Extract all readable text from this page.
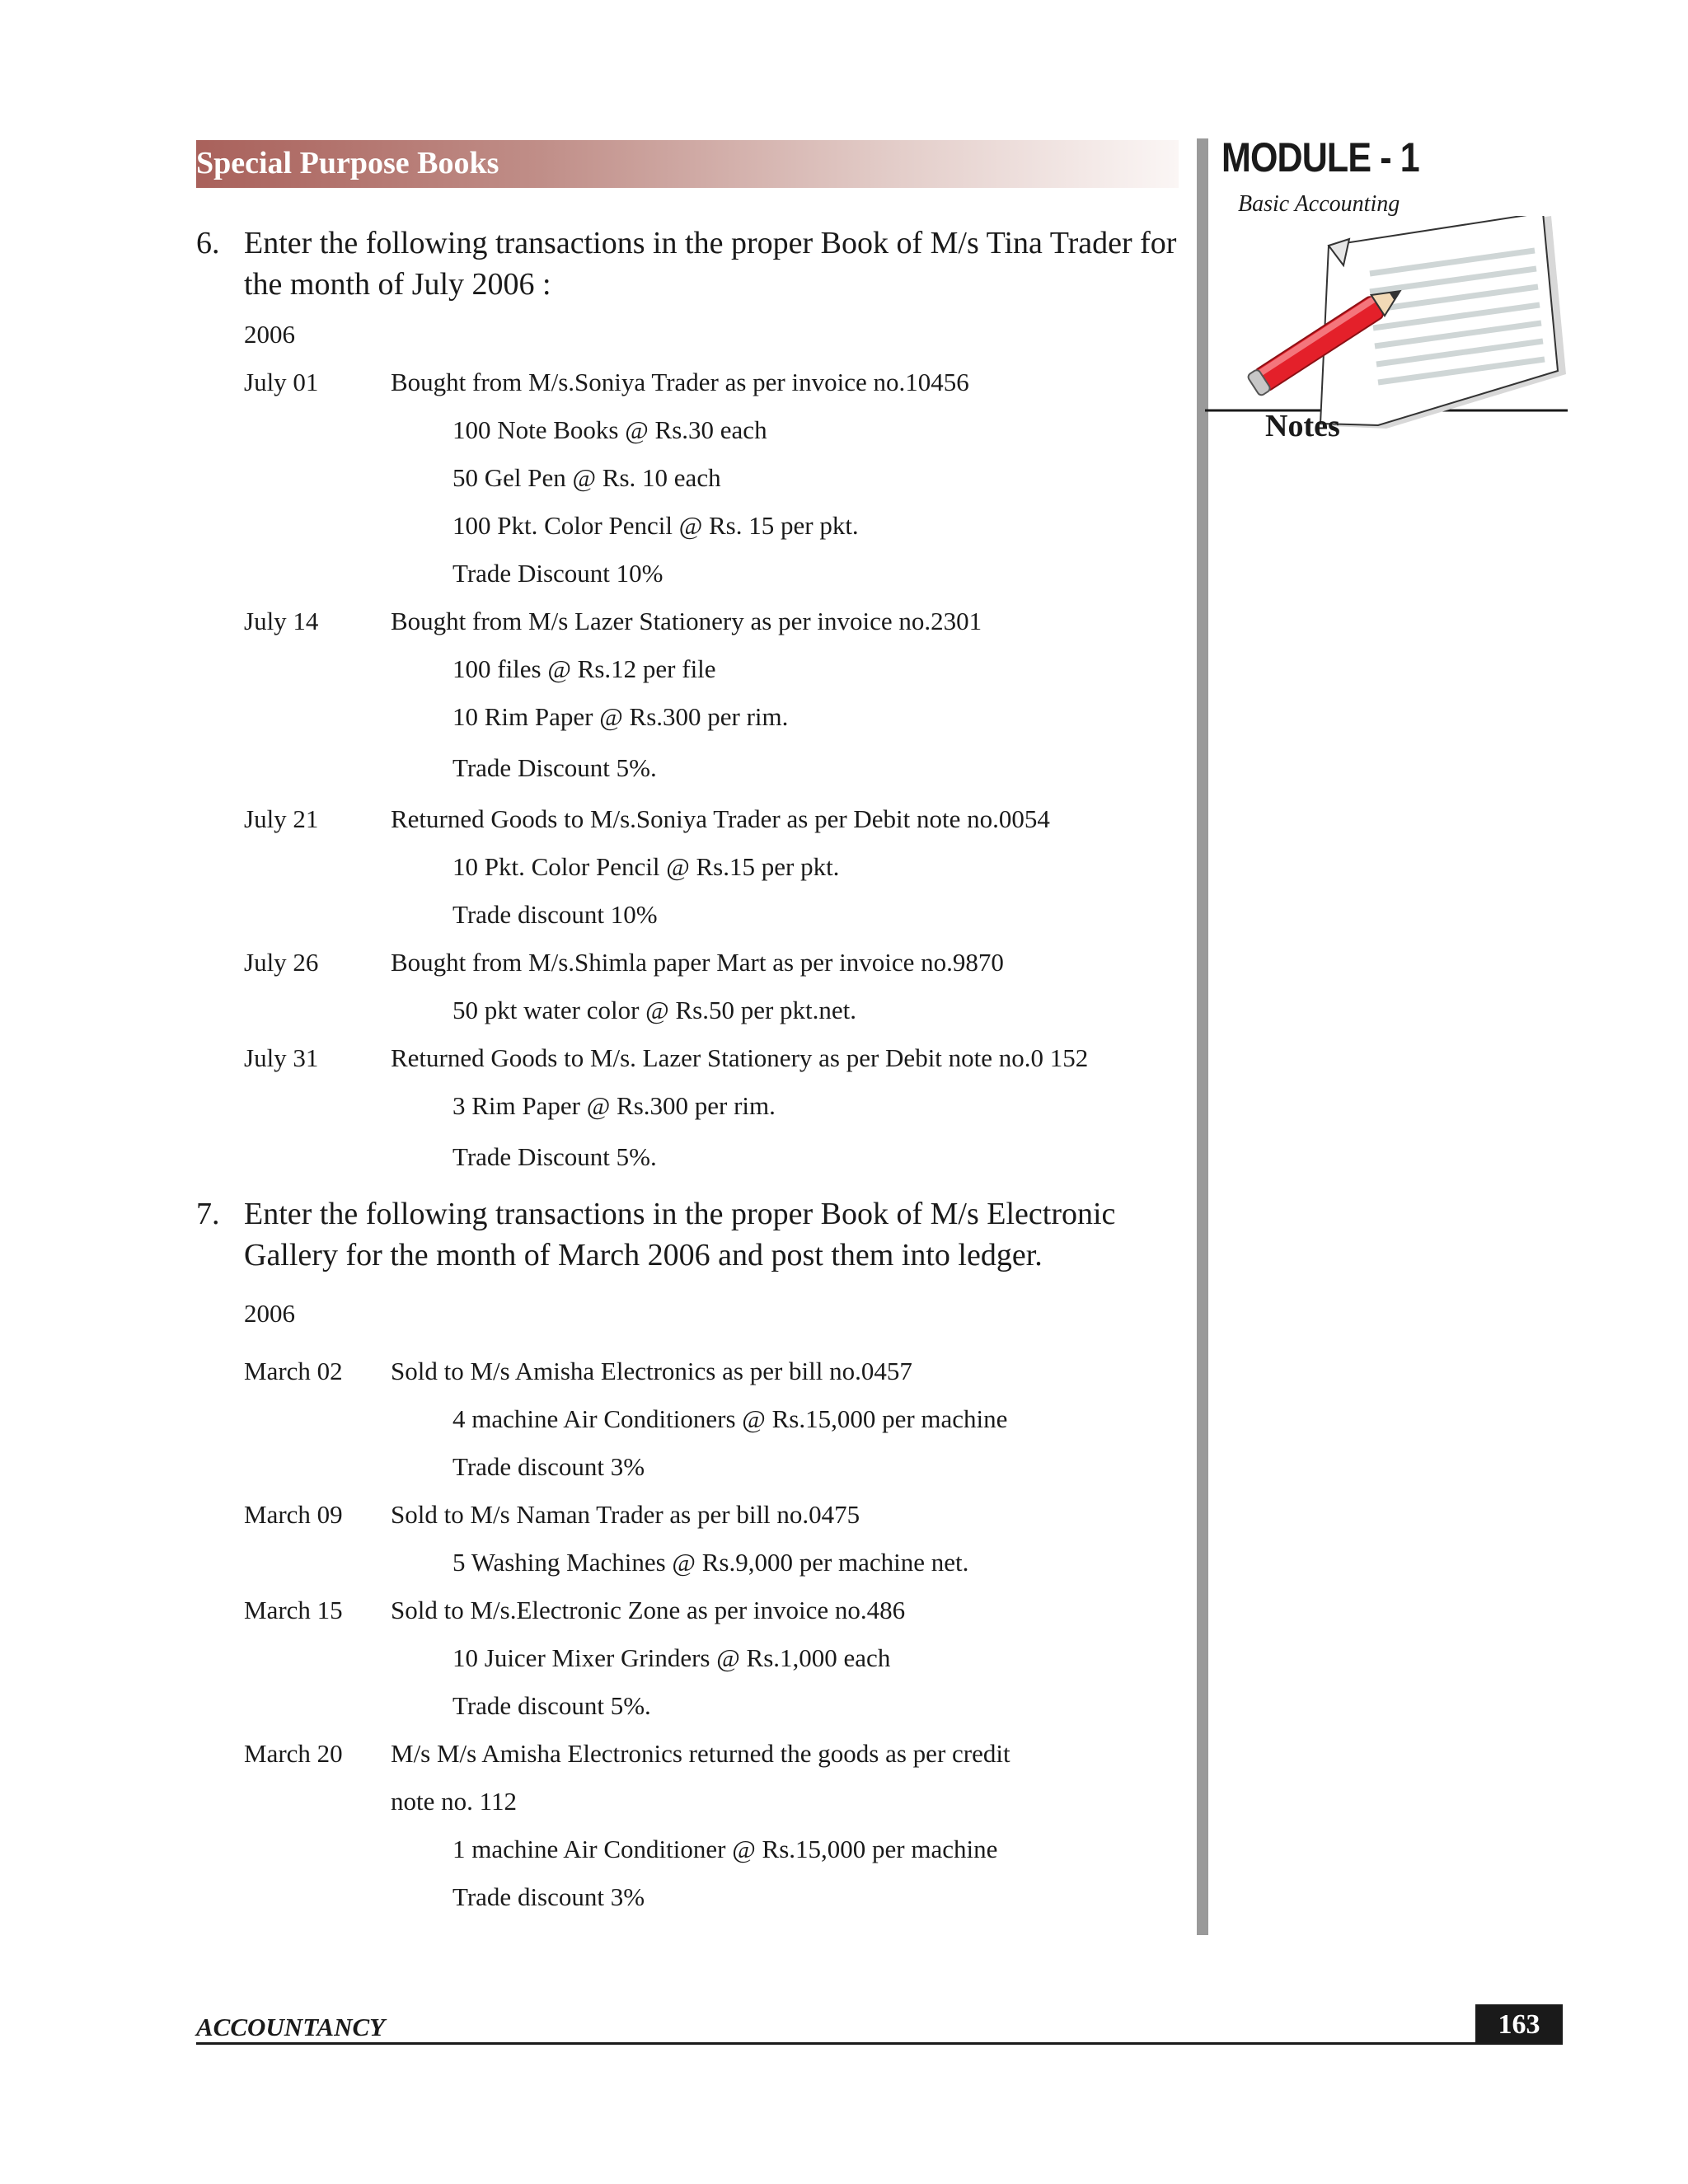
Special Purpose Books	MODULE - 1
Basic Accounting
Notes
6. Enter the following transactions in the proper Book of M/s Tina Trader for the month of July 2006 :
2006
July 01	Bought from M/s.Soniya Trader as per invoice no.10456
100 Note Books @ Rs.30 each
50 Gel Pen @ Rs. 10 each
100 Pkt. Color Pencil @ Rs. 15 per pkt.
Trade Discount 10%
July 14	Bought from M/s Lazer Stationery as per invoice no.2301
100 files @ Rs.12 per file
10 Rim Paper @ Rs.300 per rim.
Trade Discount 5%.
July 21	Returned Goods to M/s.Soniya Trader as per Debit note no.0054
10 Pkt. Color Pencil @ Rs.15 per pkt.
Trade discount 10%
July 26	Bought from M/s.Shimla paper Mart as per invoice no.9870
50 pkt water color @ Rs.50 per pkt.net.
July 31	Returned Goods to M/s. Lazer Stationery as per Debit note no.0 152
3 Rim Paper @ Rs.300 per rim.
Trade Discount 5%.
7. Enter the following transactions in the proper Book of M/s Electronic Gallery for the month of March 2006 and post them into ledger.
2006
March 02 Sold to M/s Amisha Electronics as per bill no.0457
4 machine Air Conditioners @ Rs.15,000 per machine
Trade discount 3%
March 09 Sold to M/s Naman Trader as per bill no.0475
5 Washing Machines @ Rs.9,000 per machine net.
March 15 Sold to M/s.Electronic Zone as per invoice no.486
10 Juicer Mixer Grinders @ Rs.1,000 each
Trade discount 5%.
March 20 M/s M/s Amisha Electronics returned the goods as per credit
note no. 112
1 machine Air Conditioner @ Rs.15,000 per machine
Trade discount 3%
ACCOUNTANCY	163
